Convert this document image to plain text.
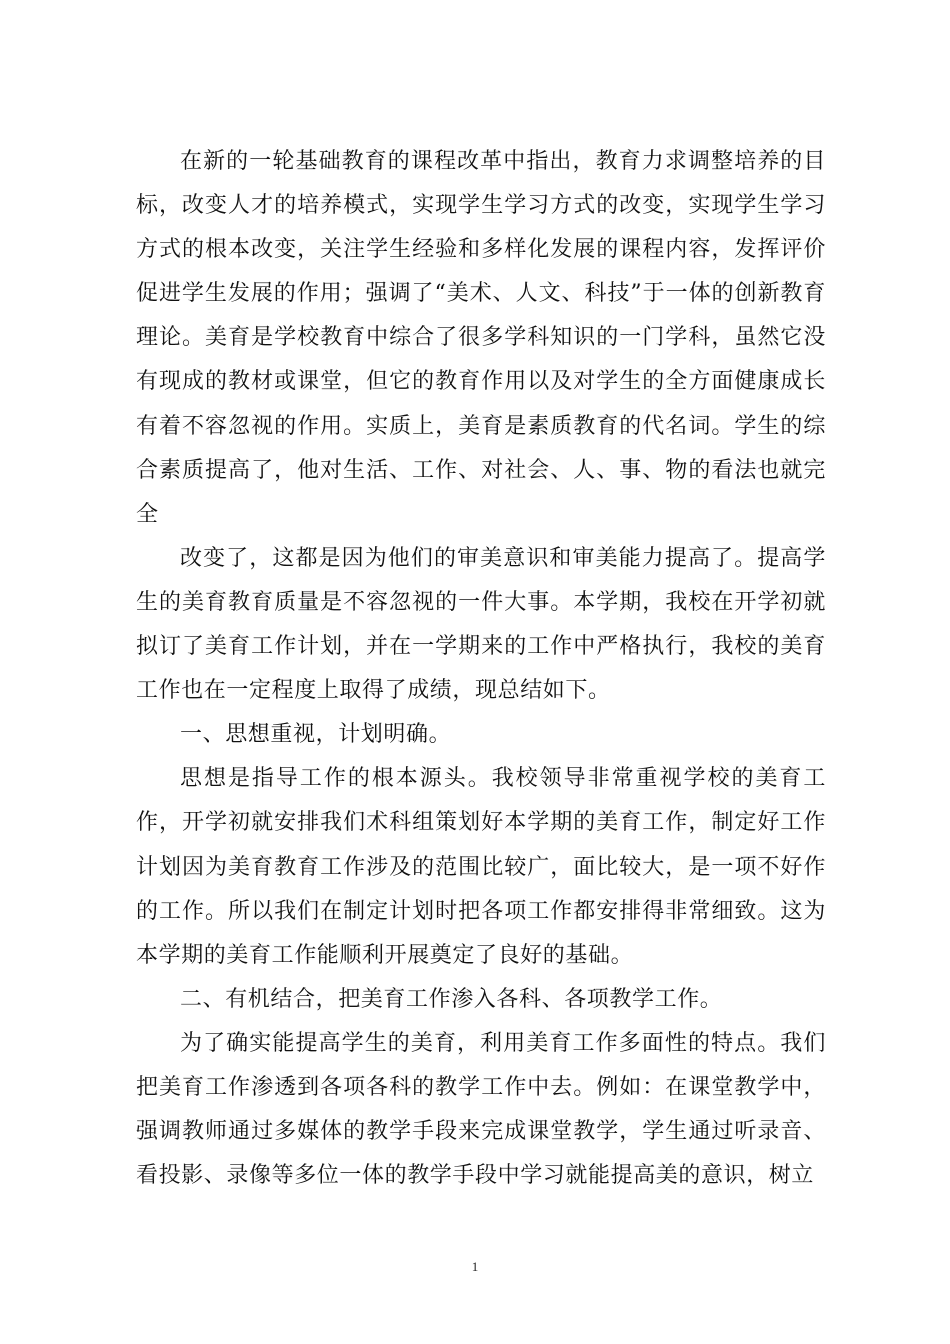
在新的一轮基础教育的课程改革中指出，教育力求调整培养的目标，改变人才的培养模式，实现学生学习方式的改变，实现学生学习方式的根本改变，关注学生经验和多样化发展的课程内容，发挥评价促进学生发展的作用；强调了“美术、人文、科技”于一体的创新教育理论。美育是学校教育中综合了很多学科知识的一门学科，虽然它没有现成的教材或课堂，但它的教育作用以及对学生的全方面健康成长有着不容忽视的作用。实质上，美育是素质教育的代名词。学生的综合素质提高了，他对生活、工作、对社会、人、事、物的看法也就完全

改变了，这都是因为他们的审美意识和审美能力提高了。提高学生的美育教育质量是不容忽视的一件大事。本学期，我校在开学初就拟订了美育工作计划，并在一学期来的工作中严格执行，我校的美育工作也在一定程度上取得了成绩，现总结如下。

一、思想重视，计划明确。

思想是指导工作的根本源头。我校领导非常重视学校的美育工作，开学初就安排我们术科组策划好本学期的美育工作，制定好工作计划因为美育教育工作涉及的范围比较广，面比较大，是一项不好作的工作。所以我们在制定计划时把各项工作都安排得非常细致。这为本学期的美育工作能顺利开展奠定了良好的基础。

二、有机结合，把美育工作渗入各科、各项教学工作。

为了确实能提高学生的美育，利用美育工作多面性的特点。我们把美育工作渗透到各项各科的教学工作中去。例如：在课堂教学中，强调教师通过多媒体的教学手段来完成课堂教学，学生通过听录音、看投影、录像等多位一体的教学手段中学习就能提高美的意识，树立

1
